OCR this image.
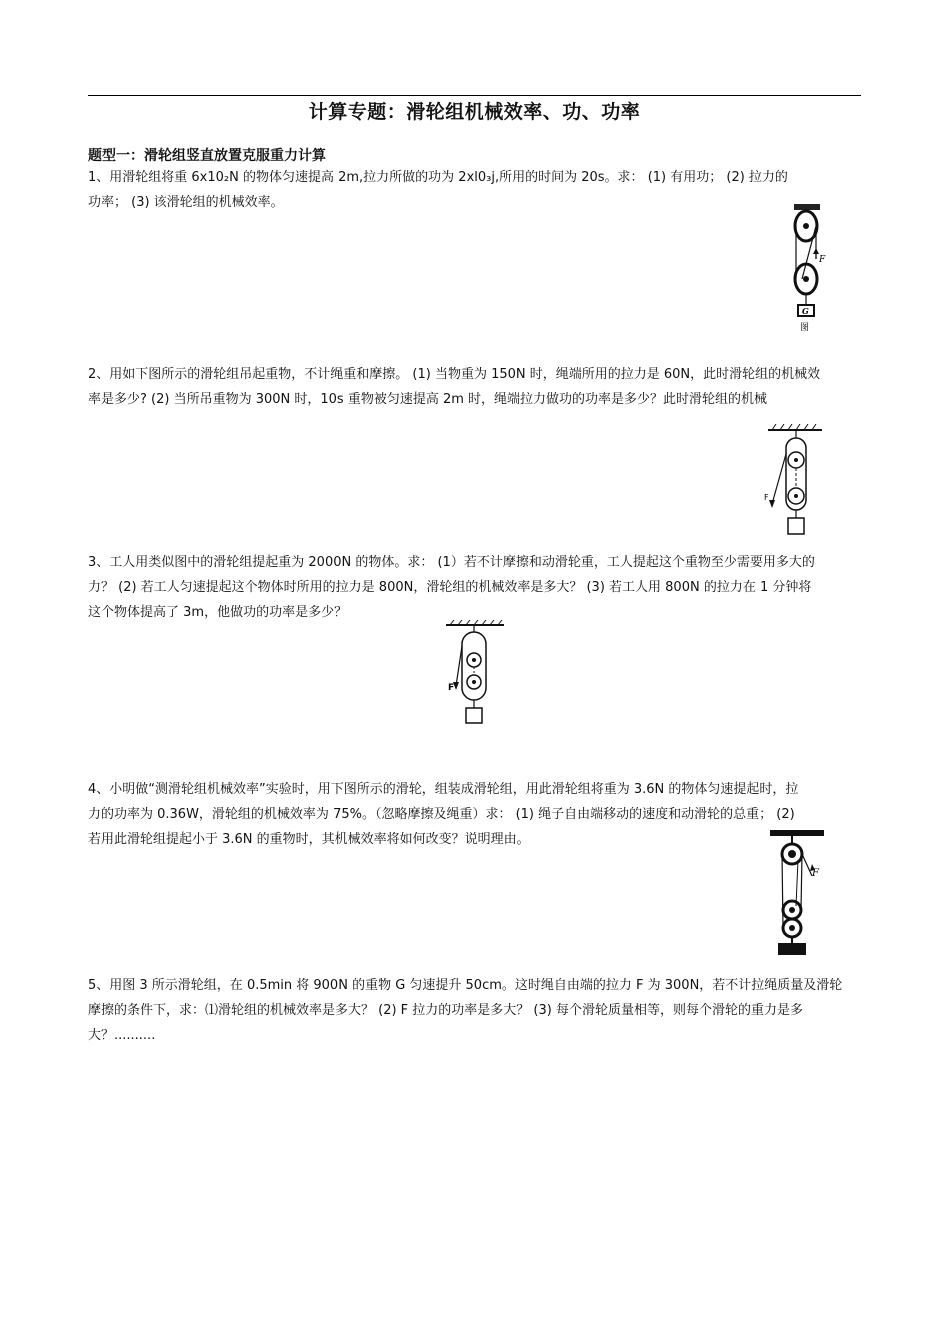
计算专题：滑轮组机械效率、功、功率
题型一：滑轮组竖直放置克服重力计算

1、用滑轮组将重 6x10₂N 的物体匀速提高 2m,拉力所做的功为 2xl0₃j,所用的时间为 20s。求： (1) 有用功； (2) 拉力的
功率； (3) 该滑轮组的机械效率。

F
G
图

2、用如下图所示的滑轮组吊起重物，不计绳重和摩擦。 (1) 当物重为 150N 时，绳端所用的拉力是 60N，此时滑轮组的机械效
率是多少? (2) 当所吊重物为 300N 时，10s 重物被匀速提高 2m 时，绳端拉力做功的功率是多少？此时滑轮组的机械

F

3、工人用类似图中的滑轮组提起重为 2000N 的物体。求： (1）若不计摩擦和动滑轮重，工人提起这个重物至少需要用多大的
力？ (2) 若工人匀速提起这个物体时所用的拉力是 800N，滑轮组的机械效率是多大？ (3) 若工人用 800N 的拉力在 1 分钟将
这个物体提高了 3m，他做功的功率是多少？

F

4、小明做“测滑轮组机械效率”实验时，用下图所示的滑轮，组装成滑轮组，用此滑轮组将重为 3.6N 的物体匀速提起时，拉
力的功率为 0.36W，滑轮组的机械效率为 75%。（忽略摩擦及绳重）求： (1) 绳子自由端移动的速度和动滑轮的总重； (2)
若用此滑轮组提起小于 3.6N 的重物时，其机械效率将如何改变？说明理由。

F

5、用图 3 所示滑轮组，在 0.5min 将 900N 的重物 G 匀速提升 50cm。这时绳自由端的拉力 F 为 300N，若不计拉绳质量及滑轮
摩擦的条件下，求：⑴滑轮组的机械效率是多大？ (2) F 拉力的功率是多大？ (3) 每个滑轮质量相等，则每个滑轮的重力是多
大？..........
